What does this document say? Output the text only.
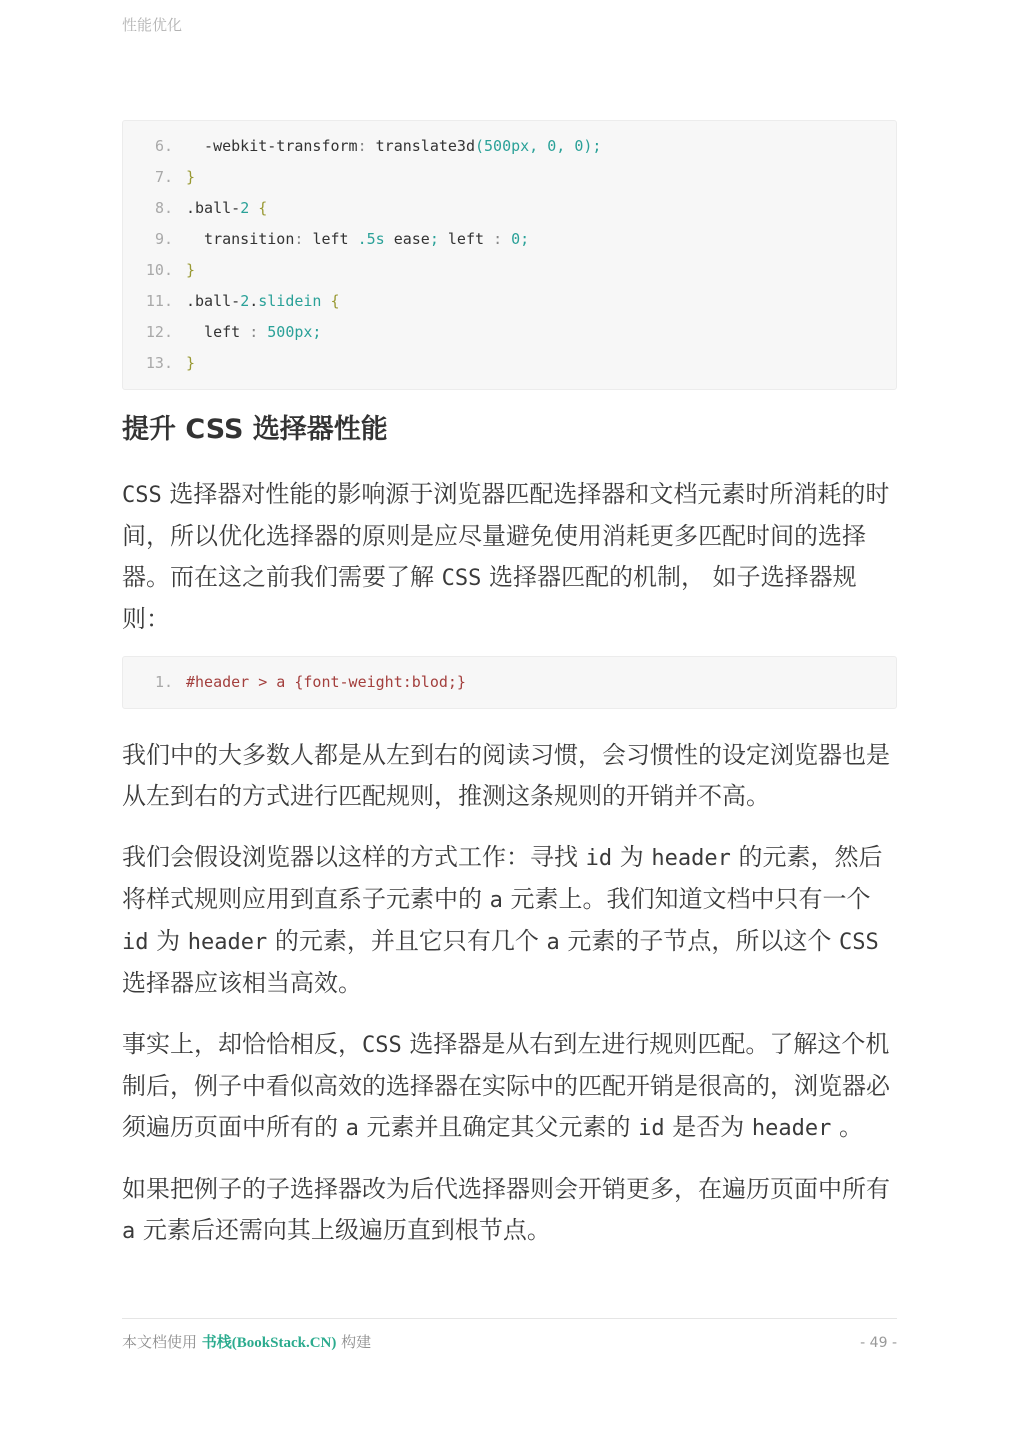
性能优化
6. -webkit-transform: translate3d(500px, 0, 0);
7. }
8. .ball-2 {
9. transition: left .5s ease; left : 0;
10. }
11. .ball-2.slidein {
12. left : 500px;
13. }
提升 CSS 选择器性能

CSS 选择器对性能的影响源于浏览器匹配选择器和文档元素时所消耗的时间，所以优化选择器的原则是应尽量避免使用消耗更多匹配时间的选择器。而在这之前我们需要了解 CSS 选择器匹配的机制， 如子选择器规则：

1. #header > a {font-weight:blod;}

我们中的大多数人都是从左到右的阅读习惯，会习惯性的设定浏览器也是从左到右的方式进行匹配规则，推测这条规则的开销并不高。

我们会假设浏览器以这样的方式工作：寻找 id 为 header 的元素，然后将样式规则应用到直系子元素中的 a 元素上。我们知道文档中只有一个 id 为 header 的元素，并且它只有几个 a 元素的子节点，所以这个 CSS 选择器应该相当高效。

事实上，却恰恰相反，CSS 选择器是从右到左进行规则匹配。了解这个机制后，例子中看似高效的选择器在实际中的匹配开销是很高的，浏览器必须遍历页面中所有的 a 元素并且确定其父元素的 id 是否为 header 。

如果把例子的子选择器改为后代选择器则会开销更多，在遍历页面中所有 a 元素后还需向其上级遍历直到根节点。

本文档使用 书栈(BookStack.CN) 构建	- 49 -
